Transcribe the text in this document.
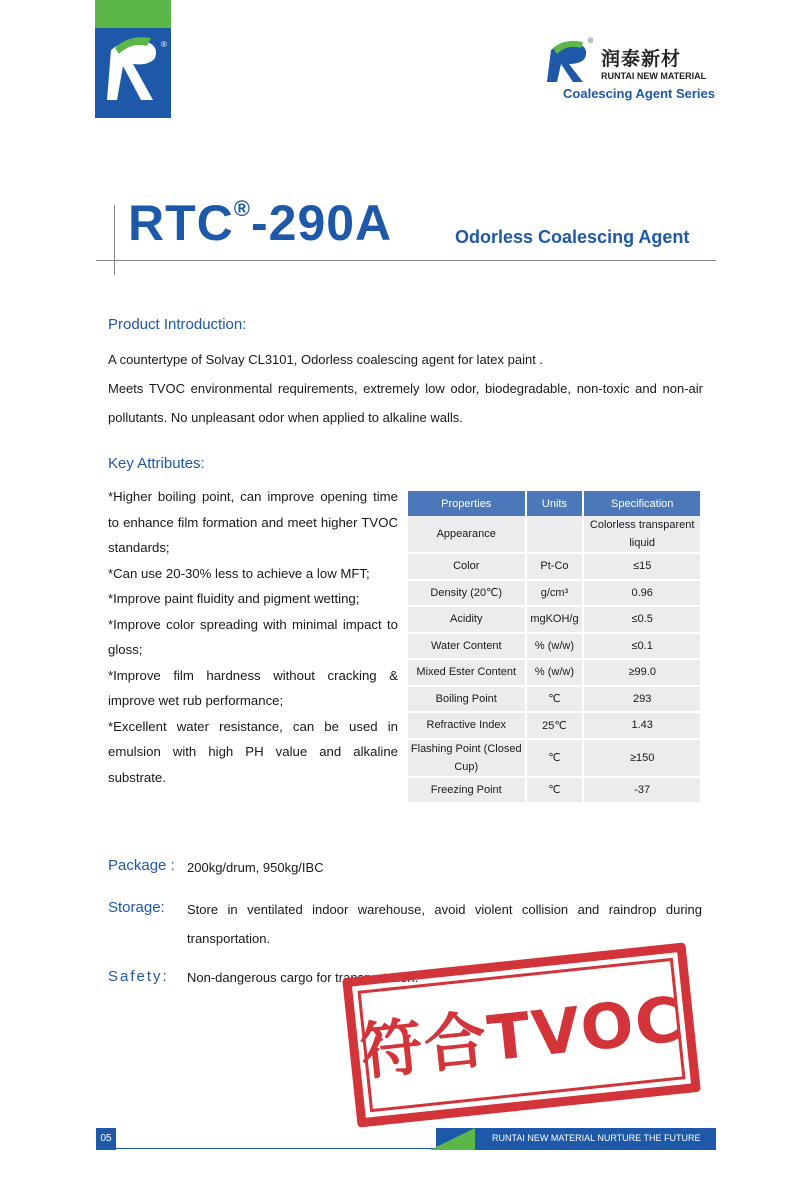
®	®
润泰新材
RUNTAI NEW MATERIAL
Coalescing Agent Series
RTC®-290A	Odorless Coalescing Agent
Product Introduction:
A countertype of Solvay CL3101, Odorless coalescing agent for latex paint .
Meets TVOC environmental requirements, extremely low odor, biodegradable, non-toxic and non-air pollutants. No unpleasant odor when applied to alkaline walls.
Key Attributes:
*Higher boiling point, can improve opening time to enhance film formation and meet higher TVOC standards;
*Can use 20-30% less to achieve a low MFT;
*Improve paint fluidity and pigment wetting;
*Improve color spreading with minimal impact to gloss;
*Improve film hardness without cracking & improve wet rub performance;
*Excellent water resistance, can be used in emulsion with high PH value and alkaline substrate.
Properties	Units	Specification
Appearance		Colorless transparent liquid
Color	Pt-Co	≤15
Density (20℃)	g/cm³	0.96
Acidity	mgKOH/g	≤0.5
Water Content	% (w/w)	≤0.1
Mixed Ester Content	% (w/w)	≥99.0
Boiling Point	℃	293
Refractive Index	25℃	1.43
Flashing Point (Closed Cup)	℃	≥150
Freezing Point	℃	-37
Package : 200kg/drum, 950kg/IBC
Storage: Store in ventilated indoor warehouse, avoid violent collision and raindrop during transportation.
Safety: Non-dangerous cargo for transportation.
符合TVOC
05	RUNTAI NEW MATERIAL NURTURE THE FUTURE
